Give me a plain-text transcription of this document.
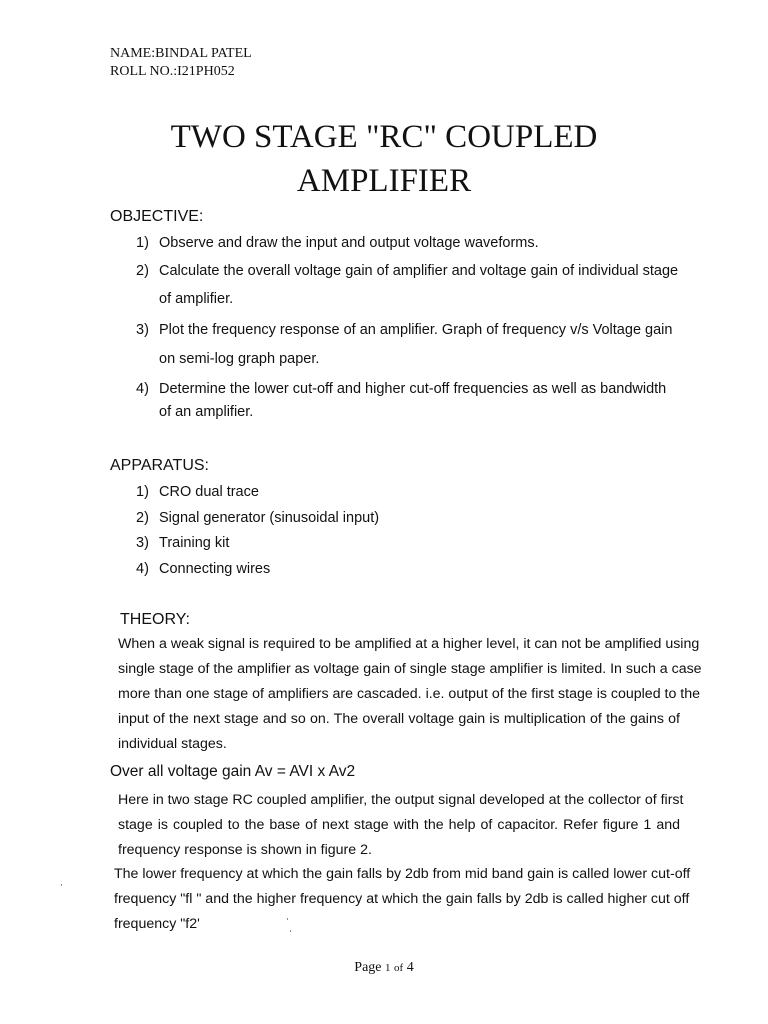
NAME:BINDAL PATEL
ROLL NO.:I21PH052
TWO STAGE "RC" COUPLED
AMPLIFIER
OBJECTIVE:
1) Observe and draw the input and output voltage waveforms.
2) Calculate the overall voltage gain of amplifier and voltage gain of individual stage
of amplifier.
3) Plot the frequency response of an amplifier. Graph of frequency v/s Voltage gain
on semi-log graph paper.
4) Determine the lower cut-off and higher cut-off frequencies as well as bandwidth
of an amplifier.
APPARATUS:
1) CRO dual trace
2) Signal generator (sinusoidal input)
3) Training kit
4) Connecting wires
THEORY:
When a weak signal is required to be amplified at a higher level, it can not be amplified using
single stage of the amplifier as voltage gain of single stage amplifier is limited. In such a case
more than one stage of amplifiers are cascaded. i.e. output of the first stage is coupled to the
input of the next stage and so on. The overall voltage gain is multiplication of the gains of
individual stages.
Over all voltage gain Av = AVI x Av2
Here in two stage RC coupled amplifier, the output signal developed at the collector of first
stage is coupled to the base of next stage with the help of capacitor. Refer figure 1 and
frequency response is shown in figure 2.
The lower frequency at which the gain falls by 2db from mid band gain is called lower cut-off
frequency "fl " and the higher frequency at which the gain falls by 2db is called higher cut off
frequency "f2'
Page 1 of 4
